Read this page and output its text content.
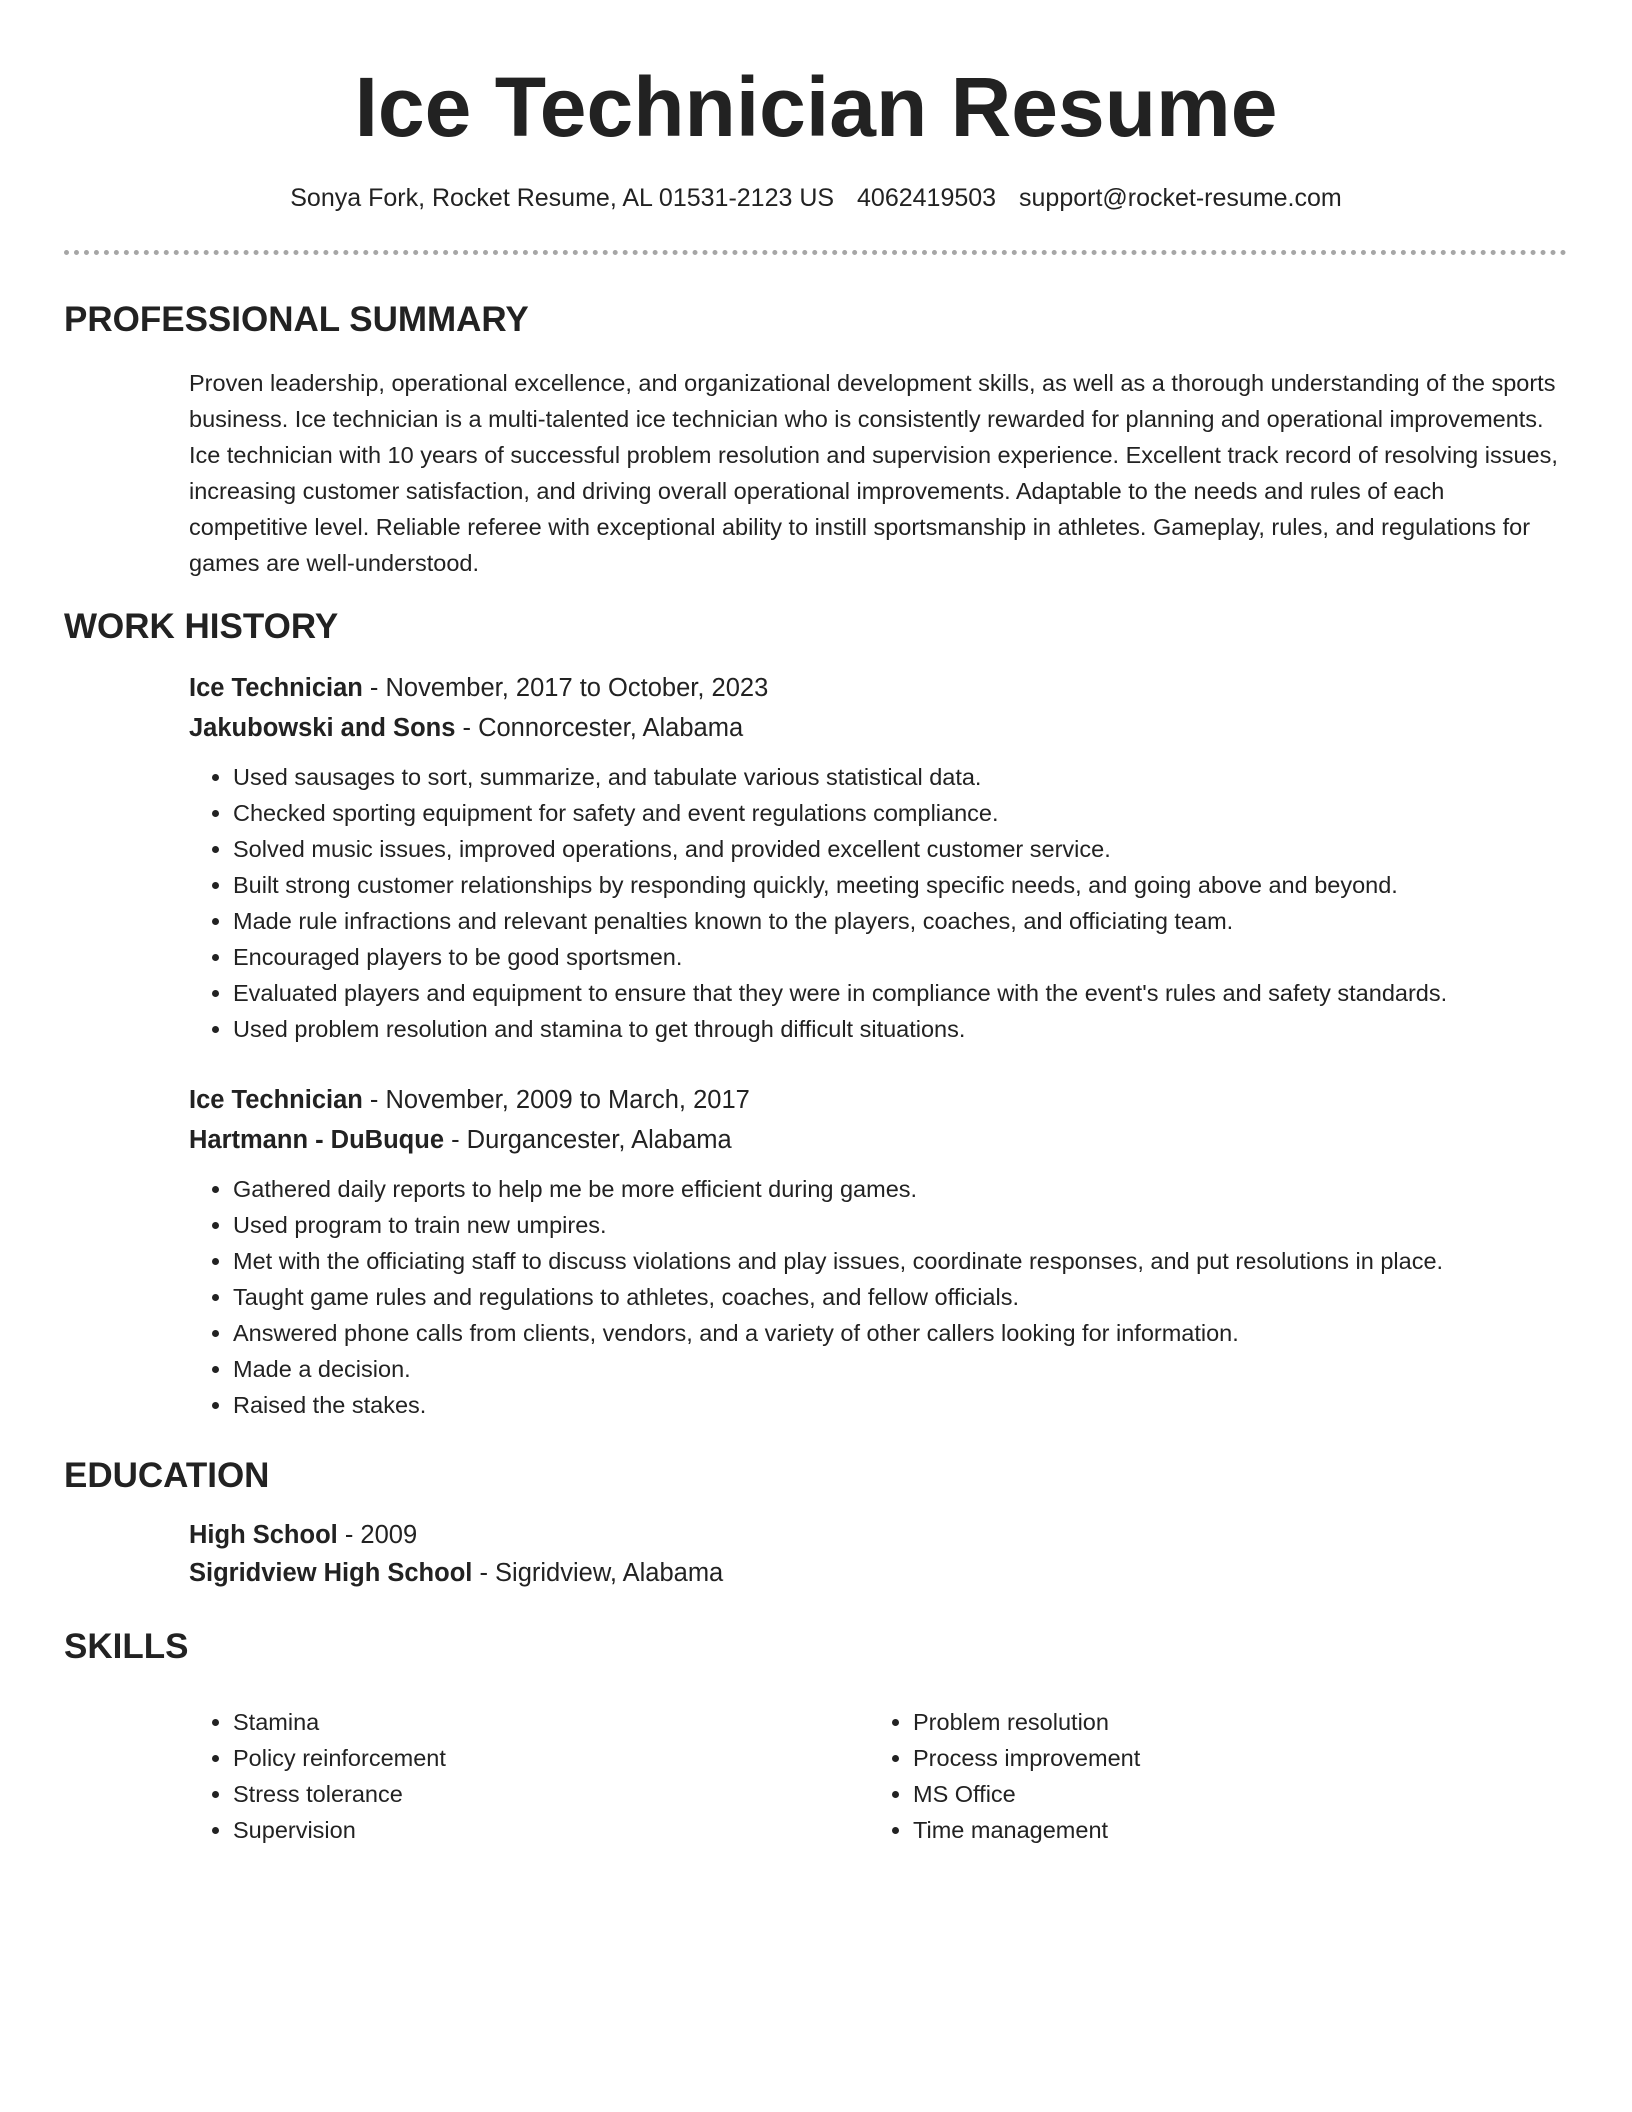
Ice Technician Resume
Sonya Fork, Rocket Resume, AL 01531-2123 US 4062419503 support@rocket-resume.com
PROFESSIONAL SUMMARY

Proven leadership, operational excellence, and organizational development skills, as well as a thorough understanding of the sports business. Ice technician is a multi-talented ice technician who is consistently rewarded for planning and operational improvements. Ice technician with 10 years of successful problem resolution and supervision experience. Excellent track record of resolving issues, increasing customer satisfaction, and driving overall operational improvements. Adaptable to the needs and rules of each competitive level. Reliable referee with exceptional ability to instill sportsmanship in athletes. Gameplay, rules, and regulations for games are well-understood.

WORK HISTORY
Ice Technician - November, 2017 to October, 2023
Jakubowski and Sons - Connorcester, Alabama
• Used sausages to sort, summarize, and tabulate various statistical data.
• Checked sporting equipment for safety and event regulations compliance.
• Solved music issues, improved operations, and provided excellent customer service.
• Built strong customer relationships by responding quickly, meeting specific needs, and going above and beyond.
• Made rule infractions and relevant penalties known to the players, coaches, and officiating team.
• Encouraged players to be good sportsmen.
• Evaluated players and equipment to ensure that they were in compliance with the event's rules and safety standards.
• Used problem resolution and stamina to get through difficult situations.
Ice Technician - November, 2009 to March, 2017
Hartmann - DuBuque - Durgancester, Alabama
• Gathered daily reports to help me be more efficient during games.
• Used program to train new umpires.
• Met with the officiating staff to discuss violations and play issues, coordinate responses, and put resolutions in place.
• Taught game rules and regulations to athletes, coaches, and fellow officials.
• Answered phone calls from clients, vendors, and a variety of other callers looking for information.
• Made a decision.
• Raised the stakes.
EDUCATION
High School - 2009
Sigridview High School - Sigridview, Alabama
SKILLS
• Stamina
• Policy reinforcement
• Stress tolerance
• Supervision
• Problem resolution
• Process improvement
• MS Office
• Time management
